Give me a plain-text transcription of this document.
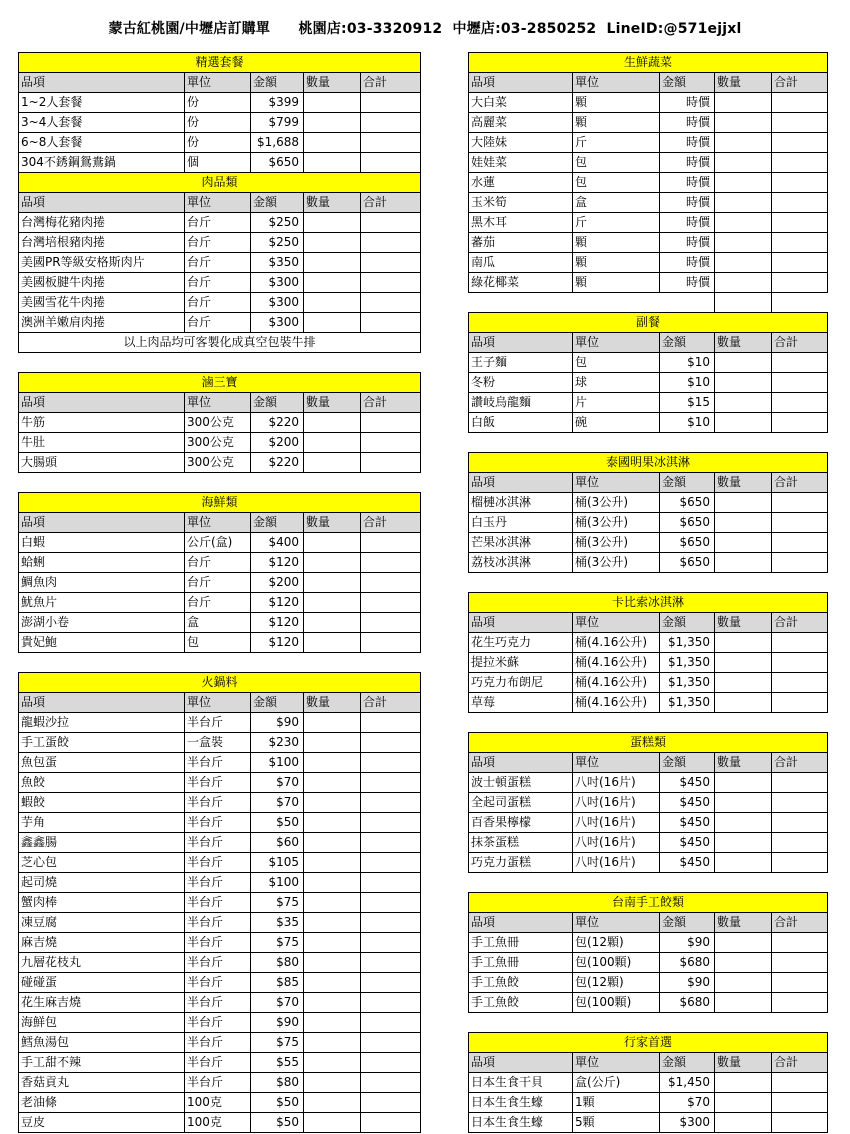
蒙古紅桃園/中壢店訂購單　　桃園店:03-3320912  中壢店:03-2850252  LineID:@571ejjxl
精選套餐				
品項	單位	金額	數量	合計
1~2人套餐	份	$399		
3~4人套餐	份	$799		
6~8人套餐	份	$1,688		
304不銹鋼鴛鴦鍋	個	$650		
肉品類				
品項	單位	金額	數量	合計
台灣梅花豬肉捲	台斤	$250		
台灣培根豬肉捲	台斤	$250		
美國PR等級安格斯肉片	台斤	$350		
美國板腱牛肉捲	台斤	$300		
美國雪花牛肉捲	台斤	$300		
澳洲羊嫩肩肉捲	台斤	$300		
以上肉品均可客製化成真空包裝牛排				

滷三寶				
品項	單位	金額	數量	合計
牛筋	300公克	$220		
牛肚	300公克	$200		
大腸頭	300公克	$220		

海鮮類				
品項	單位	金額	數量	合計
白蝦	公斤(盒)	$400		
蛤蜊	台斤	$120		
鯛魚肉	台斤	$200		
魷魚片	台斤	$120		
澎湖小卷	盒	$120		
貴妃鮑	包	$120		

火鍋料				
品項	單位	金額	數量	合計
龍蝦沙拉	半台斤	$90		
手工蛋餃	一盒裝	$230		
魚包蛋	半台斤	$100		
魚餃	半台斤	$70		
蝦餃	半台斤	$70		
芋角	半台斤	$50		
鑫鑫腸	半台斤	$60		
芝心包	半台斤	$105		
起司燒	半台斤	$100		
蟹肉棒	半台斤	$75		
凍豆腐	半台斤	$35		
麻吉燒	半台斤	$75		
九層花枝丸	半台斤	$80		
碰碰蛋	半台斤	$85		
花生麻吉燒	半台斤	$70		
海鮮包	半台斤	$90		
鱈魚湯包	半台斤	$75		
手工甜不辣	半台斤	$55		
香菇貢丸	半台斤	$80		
老油條	100克	$50		
豆皮	100克	$50		
生鮮蔬菜				
品項	單位	金額	數量	合計
大白菜	顆	時價		
高麗菜	顆	時價		
大陸妹	斤	時價		
娃娃菜	包	時價		
水蓮	包	時價		
玉米筍	盒	時價		
黑木耳	斤	時價		
蕃茄	顆	時價		
南瓜	顆	時價		
綠花椰菜	顆	時價		

副餐				
品項	單位	金額	數量	合計
王子麵	包	$10		
冬粉	球	$10		
讚岐烏龍麵	片	$15		
白飯	碗	$10		

泰國明果冰淇淋				
品項	單位	金額	數量	合計
榴槤冰淇淋	桶(3公升)	$650		
白玉丹	桶(3公升)	$650		
芒果冰淇淋	桶(3公升)	$650		
荔枝冰淇淋	桶(3公升)	$650		

卡比索冰淇淋				
品項	單位	金額	數量	合計
花生巧克力	桶(4.16公升)	$1,350		
提拉米蘇	桶(4.16公升)	$1,350		
巧克力布朗尼	桶(4.16公升)	$1,350		
草莓	桶(4.16公升)	$1,350		

蛋糕類				
品項	單位	金額	數量	合計
波士頓蛋糕	八吋(16片)	$450		
全起司蛋糕	八吋(16片)	$450		
百香果檸檬	八吋(16片)	$450		
抹茶蛋糕	八吋(16片)	$450		
巧克力蛋糕	八吋(16片)	$450		

台南手工餃類				
品項	單位	金額	數量	合計
手工魚冊	包(12顆)	$90		
手工魚冊	包(100顆)	$680		
手工魚餃	包(12顆)	$90		
手工魚餃	包(100顆)	$680		

行家首選				
品項	單位	金額	數量	合計
日本生食干貝	盒(公斤)	$1,450		
日本生食生蠔	1顆	$70		
日本生食生蠔	5顆	$300		
